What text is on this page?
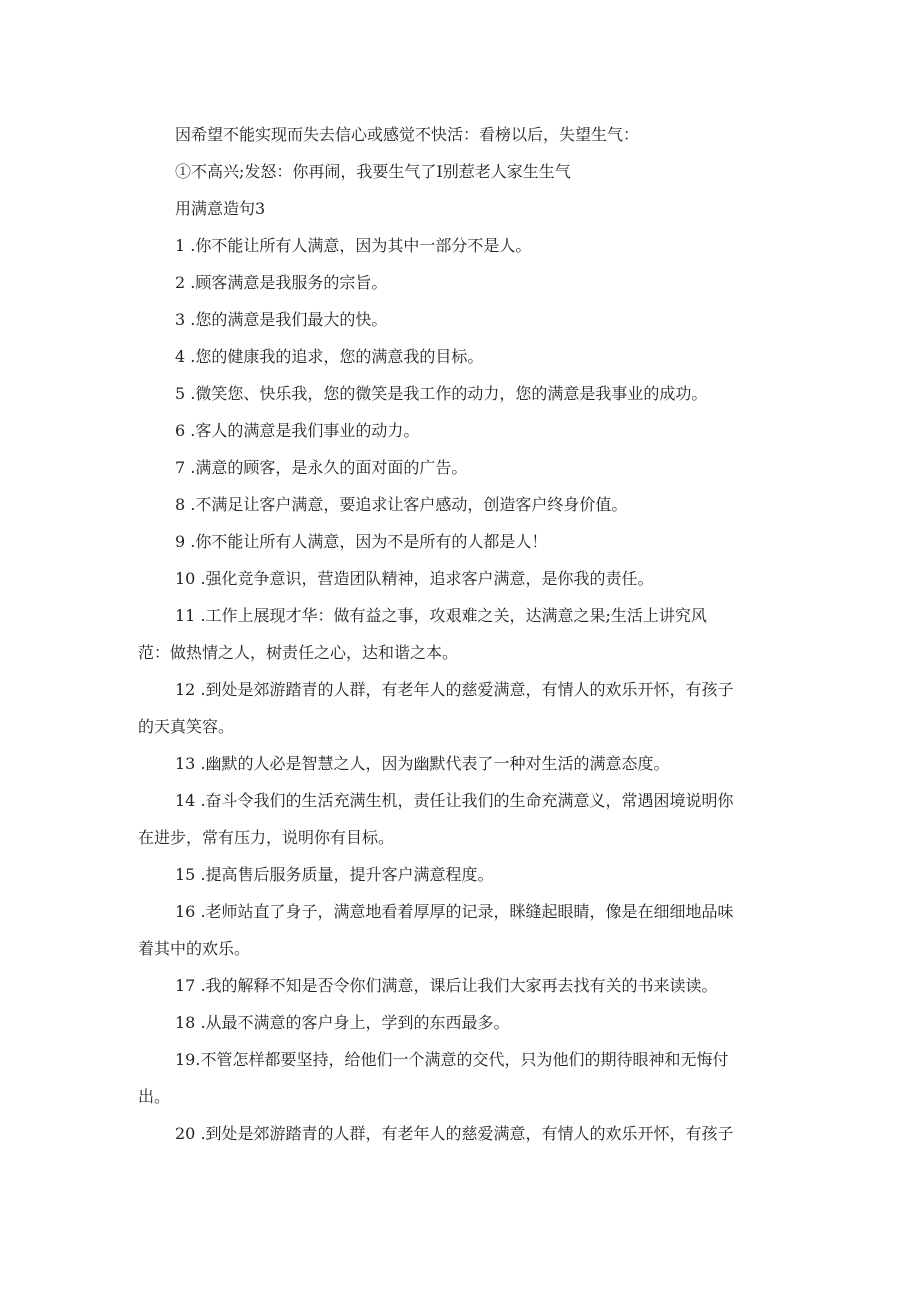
因希望不能实现而失去信心或感觉不快活：看榜以后，失望生气：
①不高兴;发怒：你再闹，我要生气了I别惹老人家生生气
用满意造句3
1 .你不能让所有人满意，因为其中一部分不是人。
2 .顾客满意是我服务的宗旨。
3 .您的满意是我们最大的快。
4 .您的健康我的追求，您的满意我的目标。
5 .微笑您、快乐我，您的微笑是我工作的动力，您的满意是我事业的成功。
6 .客人的满意是我们事业的动力。
7 .满意的顾客，是永久的面对面的广告。
8 .不满足让客户满意，要追求让客户感动，创造客户终身价值。
9 .你不能让所有人满意，因为不是所有的人都是人！
10 .强化竞争意识，营造团队精神，追求客户满意，是你我的责任。
11 .工作上展现才华：做有益之事，攻艰难之关，达满意之果;生活上讲究风
范：做热情之人，树责任之心，达和谐之本。
12 .到处是郊游踏青的人群，有老年人的慈爱满意，有情人的欢乐开怀，有孩子
的天真笑容。
13 .幽默的人必是智慧之人，因为幽默代表了一种对生活的满意态度。
14 .奋斗令我们的生活充满生机，责任让我们的生命充满意义，常遇困境说明你
在进步，常有压力，说明你有目标。
15 .提高售后服务质量，提升客户满意程度。
16 .老师站直了身子，满意地看着厚厚的记录，眯缝起眼睛，像是在细细地品味
着其中的欢乐。
17 .我的解释不知是否令你们满意，课后让我们大家再去找有关的书来读读。
18 .从最不满意的客户身上，学到的东西最多。
19.不管怎样都要坚持，给他们一个满意的交代，只为他们的期待眼神和无悔付
出。
20 .到处是郊游踏青的人群，有老年人的慈爱满意，有情人的欢乐开怀，有孩子
